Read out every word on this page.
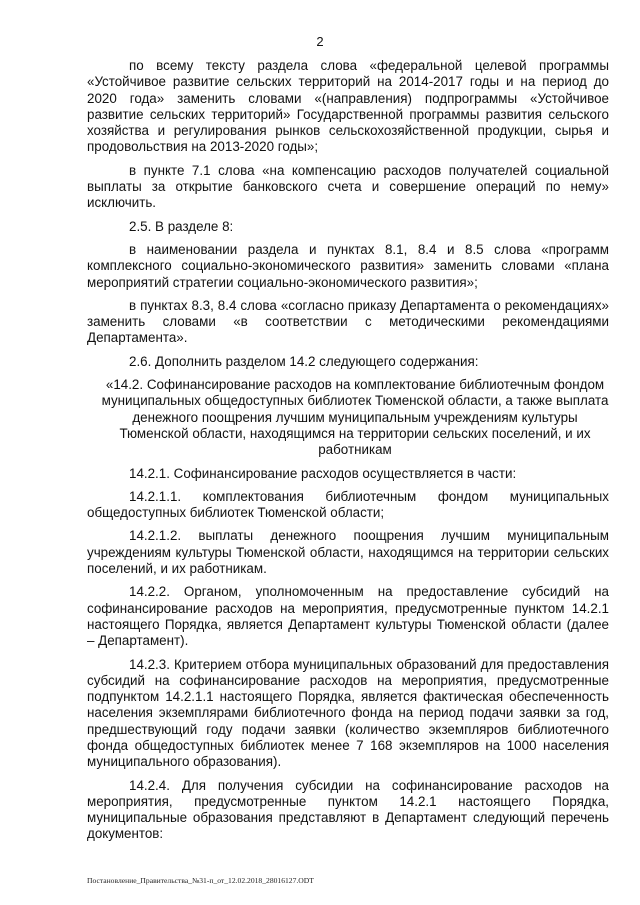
2

по всему тексту раздела слова «федеральной целевой программы «Устойчивое развитие сельских территорий на 2014-2017 годы и на период до 2020 года» заменить словами «(направления) подпрограммы «Устойчивое развитие сельских территорий» Государственной программы развития сельского хозяйства и регулирования рынков сельскохозяйственной продукции, сырья и продовольствия на 2013-2020 годы»;

в пункте 7.1 слова «на компенсацию расходов получателей социальной выплаты за открытие банковского счета и совершение операций по нему» исключить.

2.5. В разделе 8:

в наименовании раздела и пунктах 8.1, 8.4 и 8.5 слова «программ комплексного социально-экономического развития» заменить словами «плана мероприятий стратегии социально-экономического развития»;

в пунктах 8.3, 8.4 слова «согласно приказу Департамента о рекомендациях» заменить словами «в соответствии с методическими рекомендациями Департамента».

2.6. Дополнить разделом 14.2 следующего содержания:

«14.2. Софинансирование расходов на комплектование библиотечным фондом муниципальных общедоступных библиотек Тюменской области, а также выплата денежного поощрения лучшим муниципальным учреждениям культуры Тюменской области, находящимся на территории сельских поселений, и их работникам

14.2.1. Софинансирование расходов осуществляется в части:

14.2.1.1. комплектования библиотечным фондом муниципальных общедоступных библиотек Тюменской области;

14.2.1.2. выплаты денежного поощрения лучшим муниципальным учреждениям культуры Тюменской области, находящимся на территории сельских поселений, и их работникам.

14.2.2. Органом, уполномоченным на предоставление субсидий на софинансирование расходов на мероприятия, предусмотренные пунктом 14.2.1 настоящего Порядка, является Департамент культуры Тюменской области (далее – Департамент).

14.2.3. Критерием отбора муниципальных образований для предоставления субсидий на софинансирование расходов на мероприятия, предусмотренные подпунктом 14.2.1.1 настоящего Порядка, является фактическая обеспеченность населения экземплярами библиотечного фонда на период подачи заявки за год, предшествующий году подачи заявки (количество экземпляров библиотечного фонда общедоступных библиотек менее 7 168 экземпляров на 1000 населения муниципального образования).

14.2.4. Для получения субсидии на софинансирование расходов на мероприятия, предусмотренные пунктом 14.2.1 настоящего Порядка, муниципальные образования представляют в Департамент следующий перечень документов:

Постановление_Правительства_№31-п_от_12.02.2018_28016127.ODT
